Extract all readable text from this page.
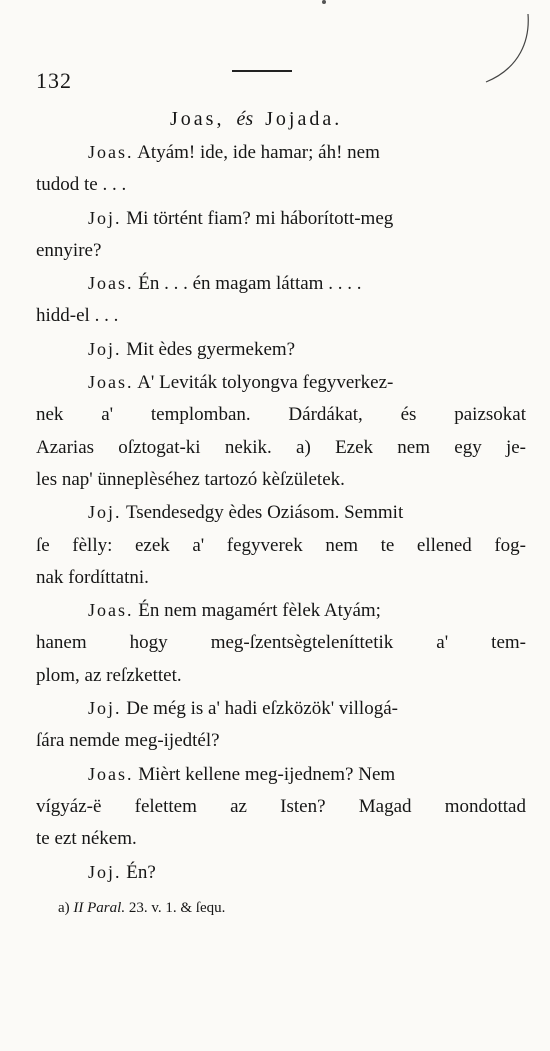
132
Joas, és Jojada.
Joas. Atyám! ide, ide hamar; áh! nem
tudod te . . .
Joj. Mi történt fiam? mi háborított-meg
ennyire?
Joas. Én . . . én magam láttam . . . .
hidd-el . . .
Joj. Mit èdes gyermekem?
Joas. A' Leviták tolyongva fegyverkez-
nek a' templomban. Dárdákat, és paizsokat
Azarias oſztogat-ki nekik. a) Ezek nem egy je-
les nap' ünneplèséhez tartozó kèſzületek.
Joj. Tsendesedgy èdes Oziásom. Semmit
ſe fèlly: ezek a' fegyverek nem te ellened fog-
nak fordíttatni.
Joas. Én nem magamért fèlek Atyám;
hanem hogy meg-ſzentsègteleníttetik a' tem-
plom, az reſzkettet.
Joj. De még is a' hadi eſzközök' villogá-
ſára nemde meg-ijedtél?
Joas. Mièrt kellene meg-ijednem? Nem
vígyáz-ë felettem az Isten? Magad mondottad
te ezt nékem.
Joj. Én?
a) II Paral. 23. v. 1. & ſequ.
